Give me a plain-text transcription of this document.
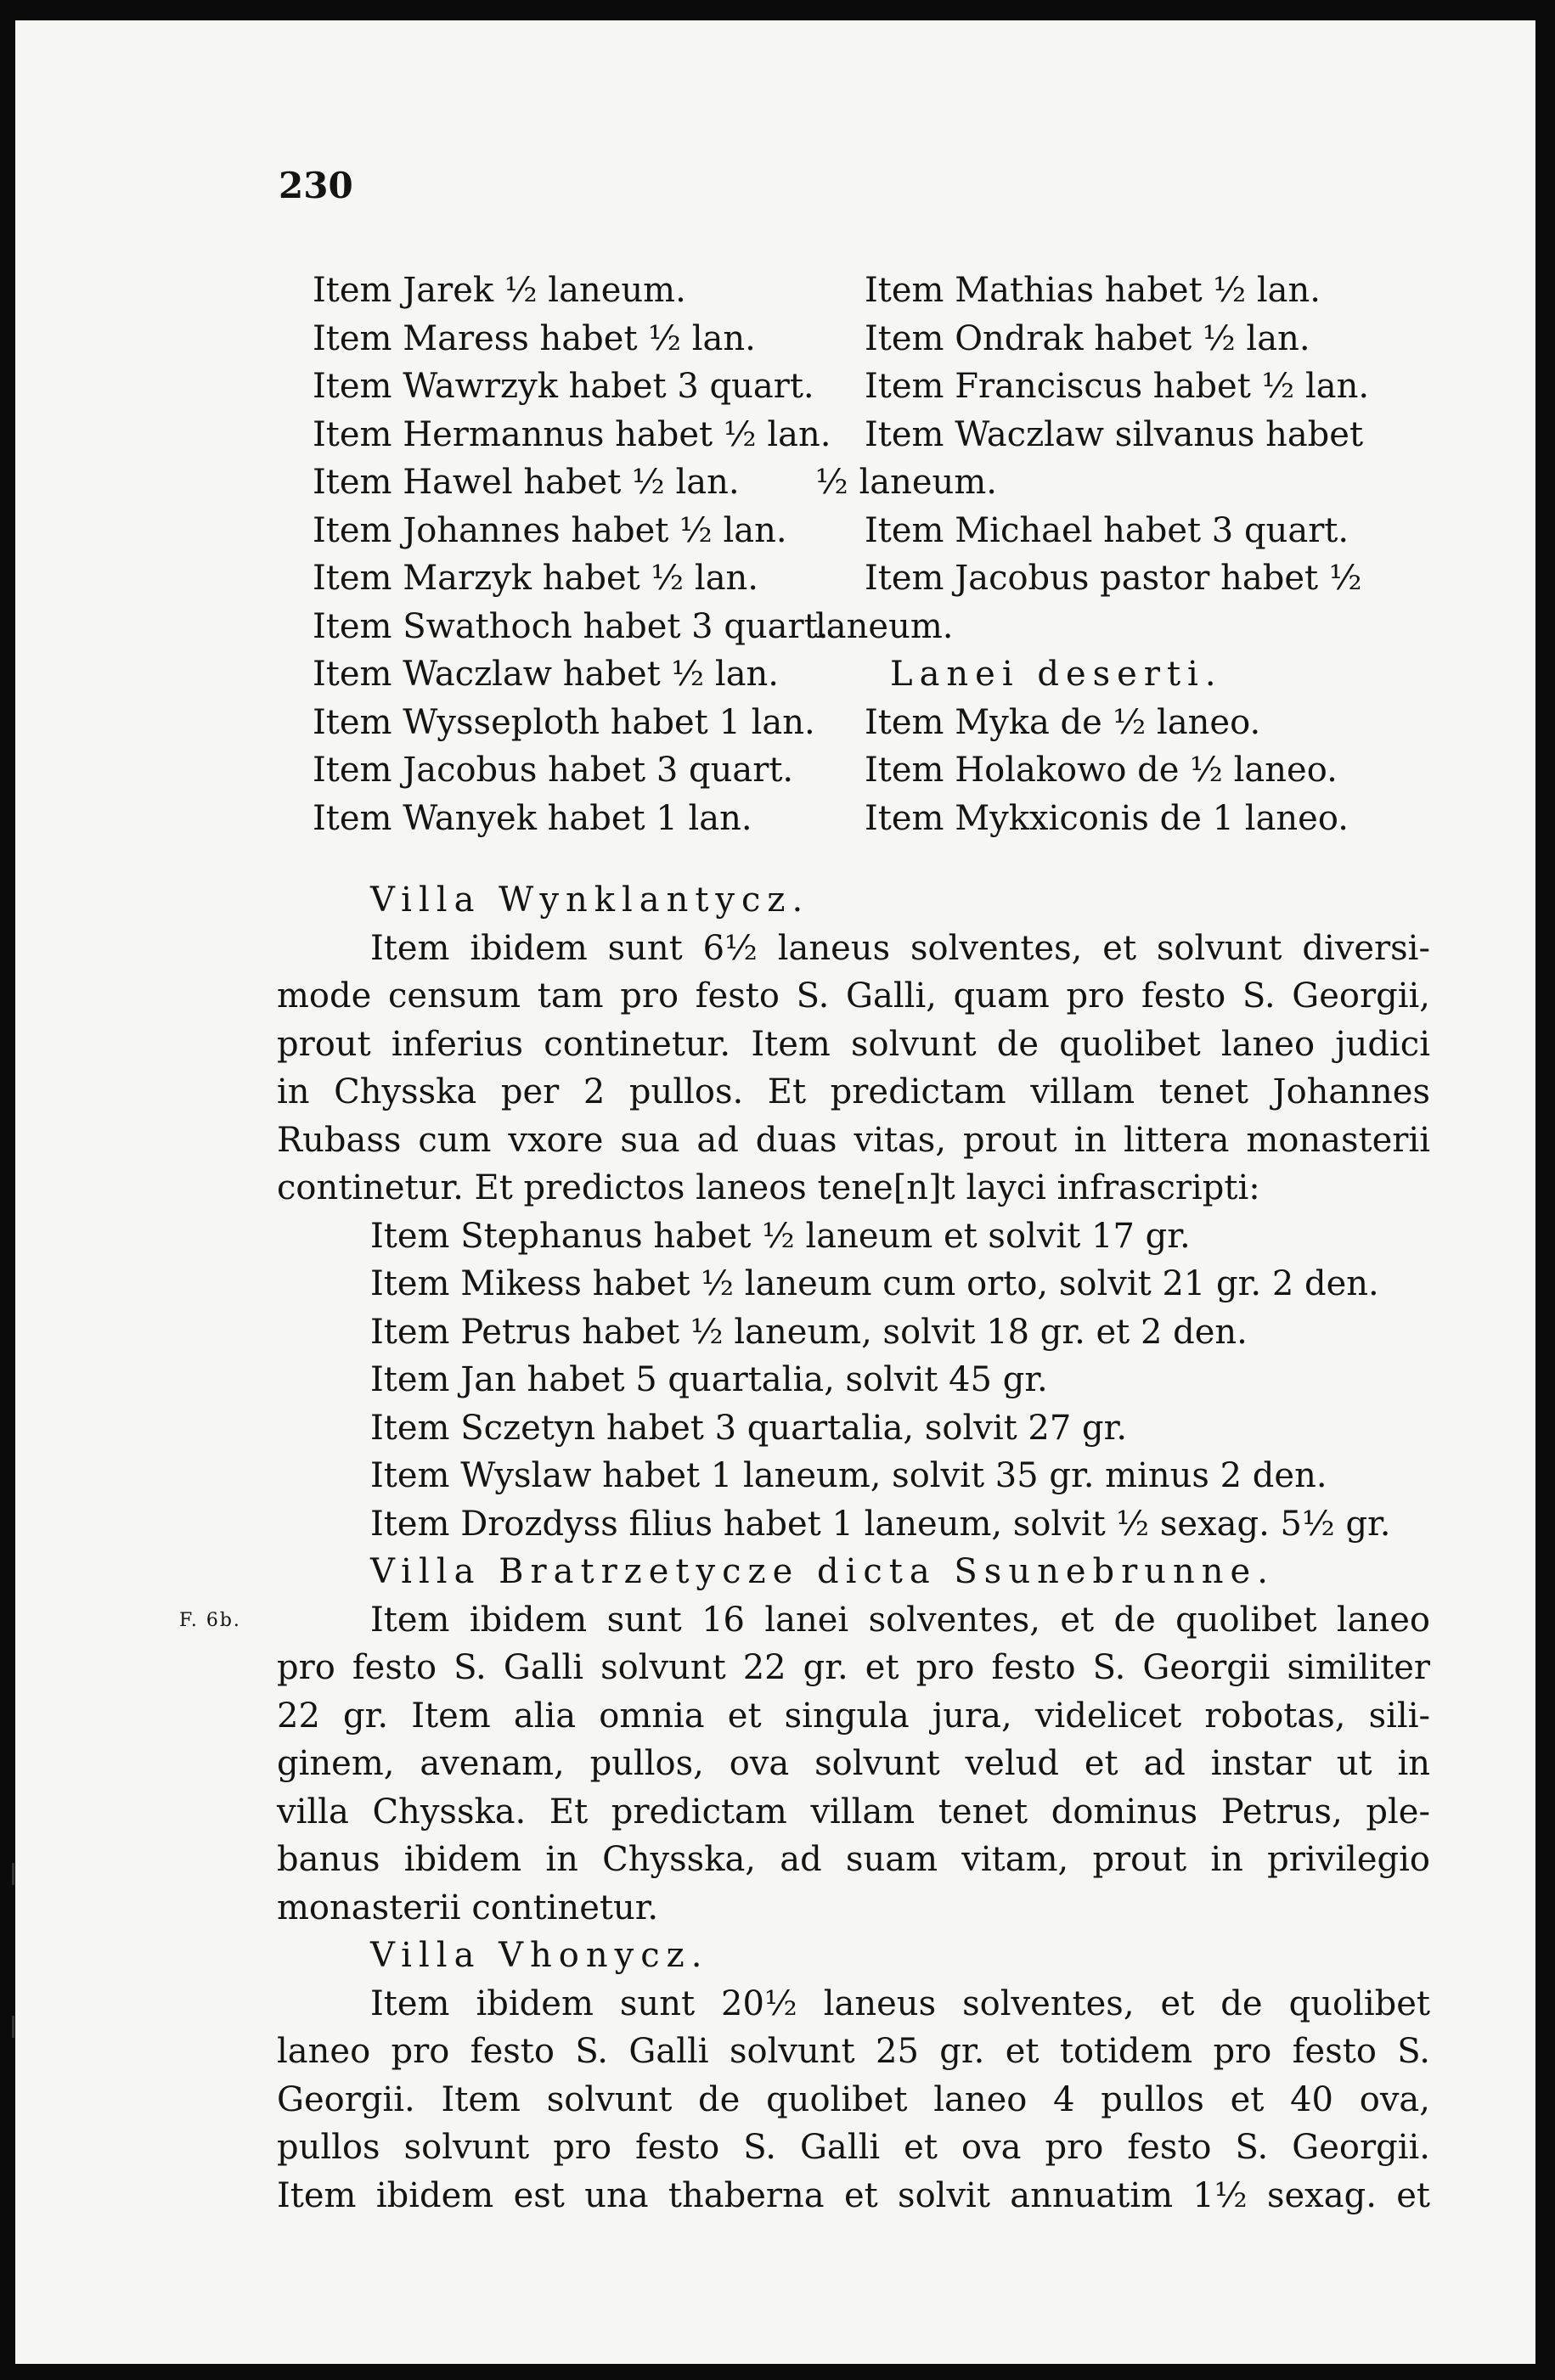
230
Item Jarek ½ laneum.
Item Maress habet ½ lan.
Item Wawrzyk habet 3 quart.
Item Hermannus habet ½ lan.
Item Hawel habet ½ lan.
Item Johannes habet ½ lan.
Item Marzyk habet ½ lan.
Item Swathoch habet 3 quart.
Item Waczlaw habet ½ lan.
Item Wysseploth habet 1 lan.
Item Jacobus habet 3 quart.
Item Wanyek habet 1 lan.
Item Mathias habet ½ lan.
Item Ondrak habet ½ lan.
Item Franciscus habet ½ lan.
Item Waczlaw silvanus habet
½ laneum.
Item Michael habet 3 quart.
Item Jacobus pastor habet ½
laneum.
Lanei deserti.
Item Myka de ½ laneo.
Item Holakowo de ½ laneo.
Item Mykxiconis de 1 laneo.
Villa Wynklantycz.
Item ibidem sunt 6½ laneus solventes, et solvunt diversi-
mode censum tam pro festo S. Galli, quam pro festo S. Georgii,
prout inferius continetur. Item solvunt de quolibet laneo judici
in Chysska per 2 pullos. Et predictam villam tenet Johannes
Rubass cum vxore sua ad duas vitas, prout in littera monasterii
continetur. Et predictos laneos tene[n]t layci infrascripti:
Item Stephanus habet ½ laneum et solvit 17 gr.
Item Mikess habet ½ laneum cum orto, solvit 21 gr. 2 den.
Item Petrus habet ½ laneum, solvit 18 gr. et 2 den.
Item Jan habet 5 quartalia, solvit 45 gr.
Item Sczetyn habet 3 quartalia, solvit 27 gr.
Item Wyslaw habet 1 laneum, solvit 35 gr. minus 2 den.
Item Drozdyss filius habet 1 laneum, solvit ½ sexag. 5½ gr.
Villa Bratrzetycze dicta Ssunebrunne.
Item ibidem sunt 16 lanei solventes, et de quolibet laneo
pro festo S. Galli solvunt 22 gr. et pro festo S. Georgii similiter
22 gr. Item alia omnia et singula jura, videlicet robotas, sili-
ginem, avenam, pullos, ova solvunt velud et ad instar ut in
villa Chysska. Et predictam villam tenet dominus Petrus, ple-
banus ibidem in Chysska, ad suam vitam, prout in privilegio
monasterii continetur.
Villa Vhonycz.
Item ibidem sunt 20½ laneus solventes, et de quolibet
laneo pro festo S. Galli solvunt 25 gr. et totidem pro festo S.
Georgii. Item solvunt de quolibet laneo 4 pullos et 40 ova,
pullos solvunt pro festo S. Galli et ova pro festo S. Georgii.
Item ibidem est una thaberna et solvit annuatim 1½ sexag. et
F. 6b.
